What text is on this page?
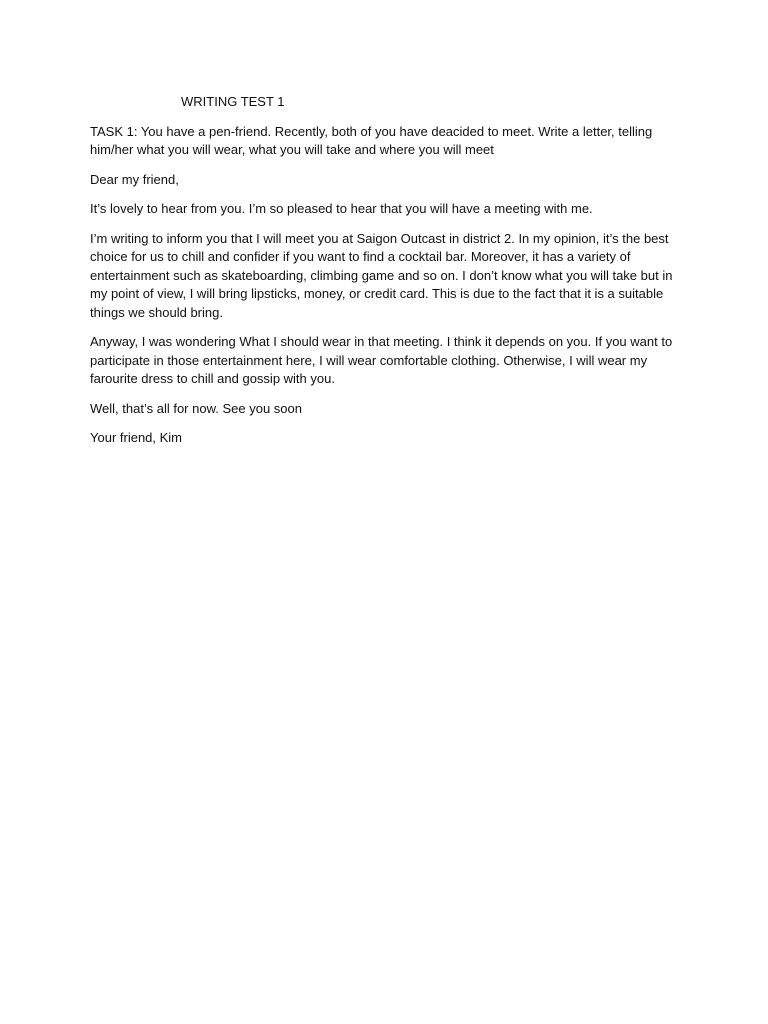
WRITING TEST 1
TASK 1: You have a pen-friend. Recently, both of you have deacided to meet. Write a letter, telling him/her what you will wear, what you will take and where you will meet
Dear my friend,
It’s lovely to hear from you. I’m so pleased to hear that you will have a meeting with me.
I’m writing to inform you that I will meet you at Saigon Outcast in district 2. In my opinion, it’s the best choice for us to chill and confider if you want to find a cocktail bar. Moreover, it has a variety of entertainment such as skateboarding, climbing game and so on. I don’t know what you will take but in my point of view, I will bring lipsticks, money, or credit card. This is due to the fact that it is a suitable things we should bring.
Anyway, I was wondering What I should wear in that meeting. I think it depends on you. If you want to participate in those entertainment here, I will wear comfortable clothing. Otherwise, I will wear my farourite dress to chill and gossip with you.
Well, that’s all for now. See you soon
Your friend, Kim
